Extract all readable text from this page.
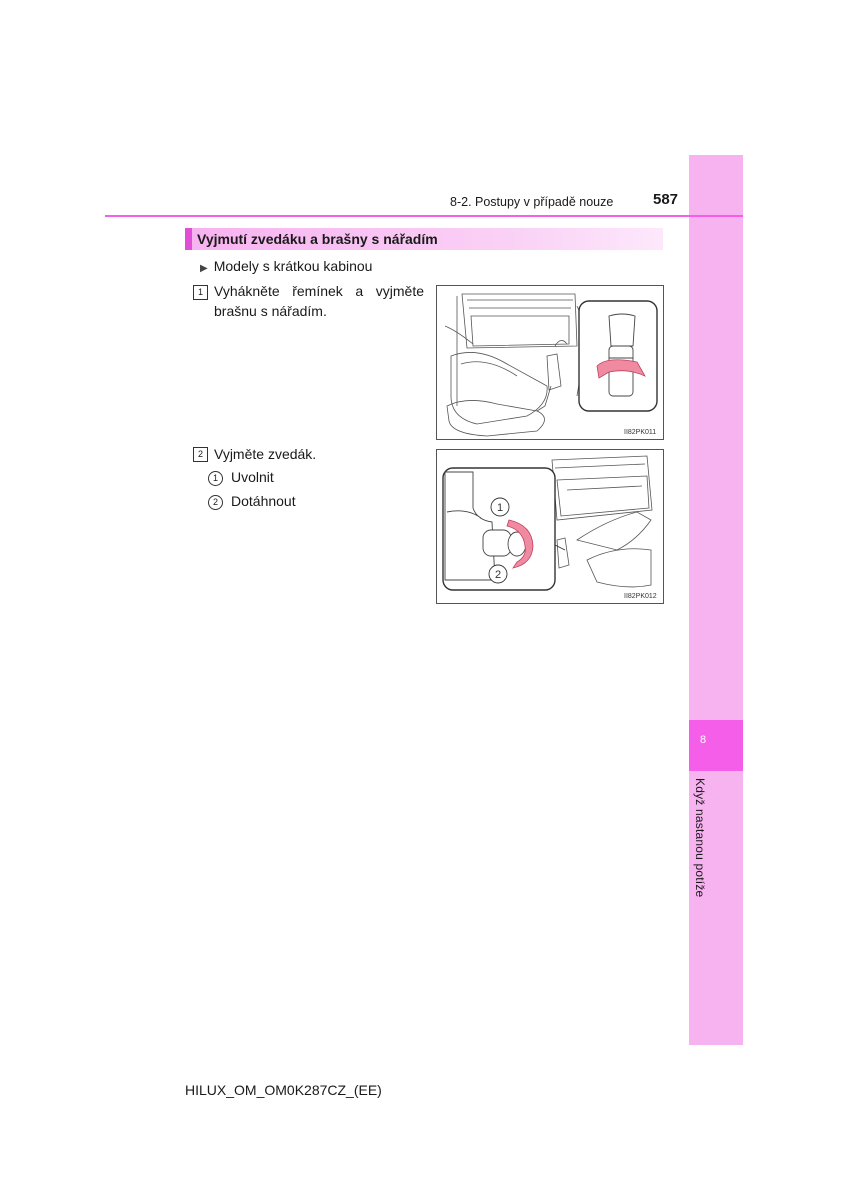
8
Když nastanou potíže
8-2. Postupy v případě nouze	587
Vyjmutí zvedáku a brašny s nářadím
▶ Modely s krátkou kabinou
1 Vyhákněte řemínek a vyjměte
brašnu s nářadím.
II82PK011
2 Vyjměte zvedák.
1 Uvolnit
2 Dotáhnout	1
2
II82PK012
HILUX_OM_OM0K287CZ_(EE)
